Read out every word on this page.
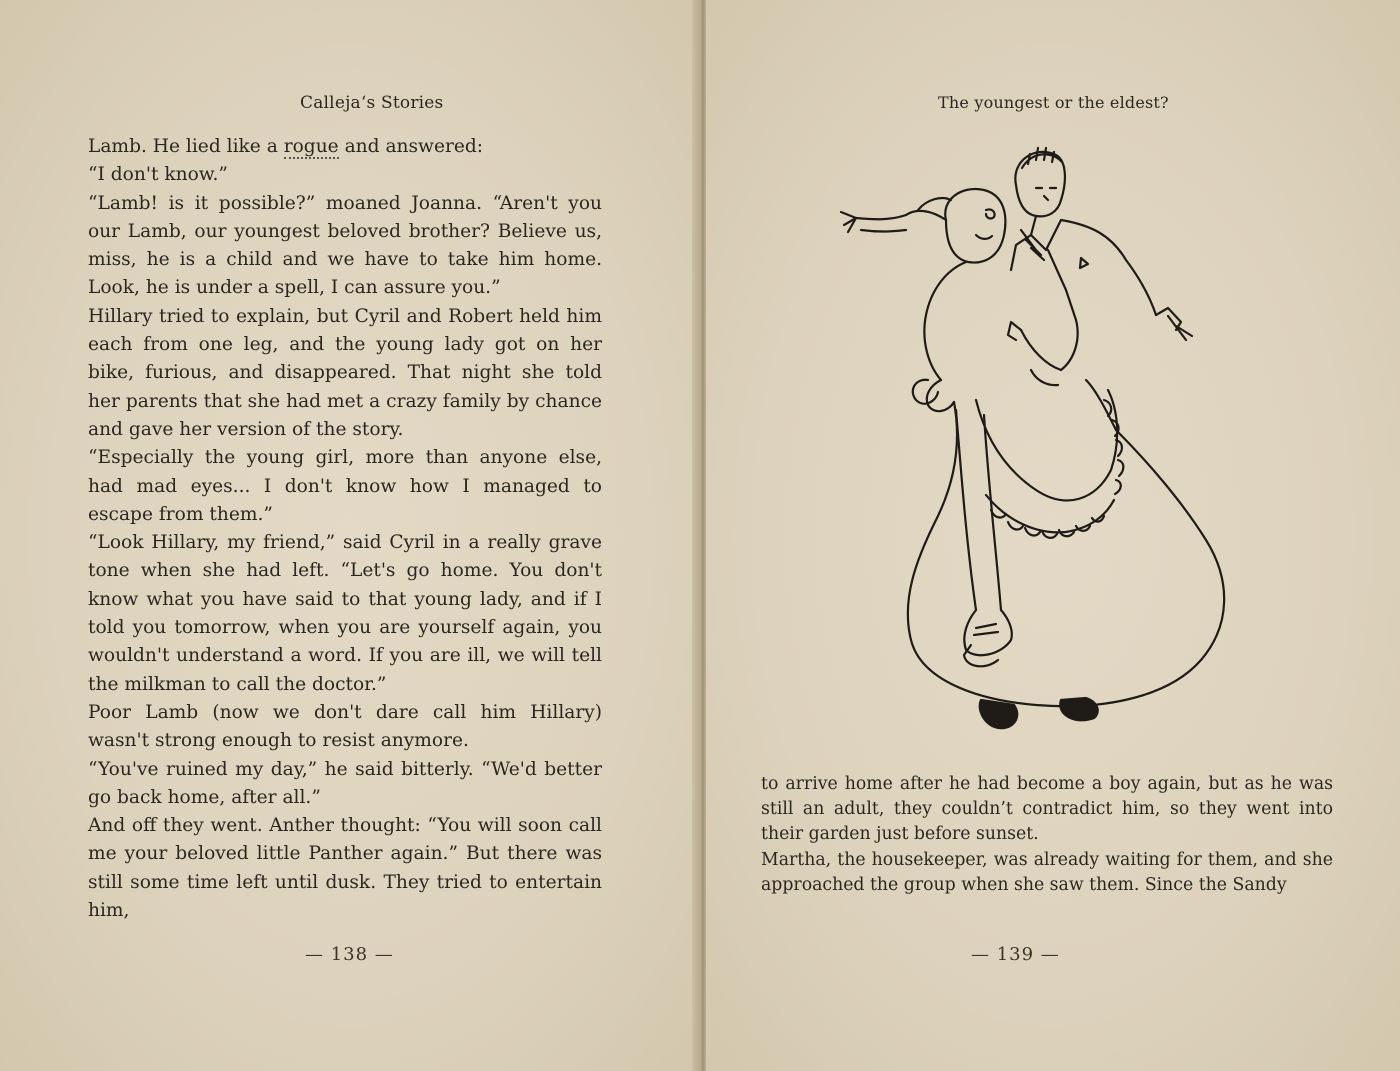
Calleja‘s Stories

Lamb. He lied like a rogue and answered:

“I don't know.”

“Lamb! is it possible?” moaned Joanna. “Aren't you our Lamb, our youngest beloved brother? Believe us, miss, he is a child and we have to take him home. Look, he is under a spell, I can assure you.”

Hillary tried to explain, but Cyril and Robert held him each from one leg, and the young lady got on her bike, furious, and disappeared. That night she told her parents that she had met a crazy family by chance and gave her version of the story.

“Especially the young girl, more than anyone else, had mad eyes... I don't know how I managed to escape from them.”

“Look Hillary, my friend,” said Cyril in a really grave tone when she had left. “Let's go home. You don't know what you have said to that young lady, and if I told you tomorrow, when you are yourself again, you wouldn't understand a word. If you are ill, we will tell the milkman to call the doctor.”

Poor Lamb (now we don't dare call him Hillary) wasn't strong enough to resist anymore.

“You've ruined my day,” he said bitterly. “We'd better go back home, after all.”

And off they went. Anther thought: “You will soon call me your beloved little Panther again.” But there was still some time left until dusk. They tried to entertain him,

— 138 —
The youngest or the eldest?

to arrive home after he had become a boy again, but as he was still an adult, they couldn’t contradict him, so they went into their garden just before sunset.

Martha, the housekeeper, was already waiting for them, and she approached the group when she saw them. Since the Sandy

— 139 —
